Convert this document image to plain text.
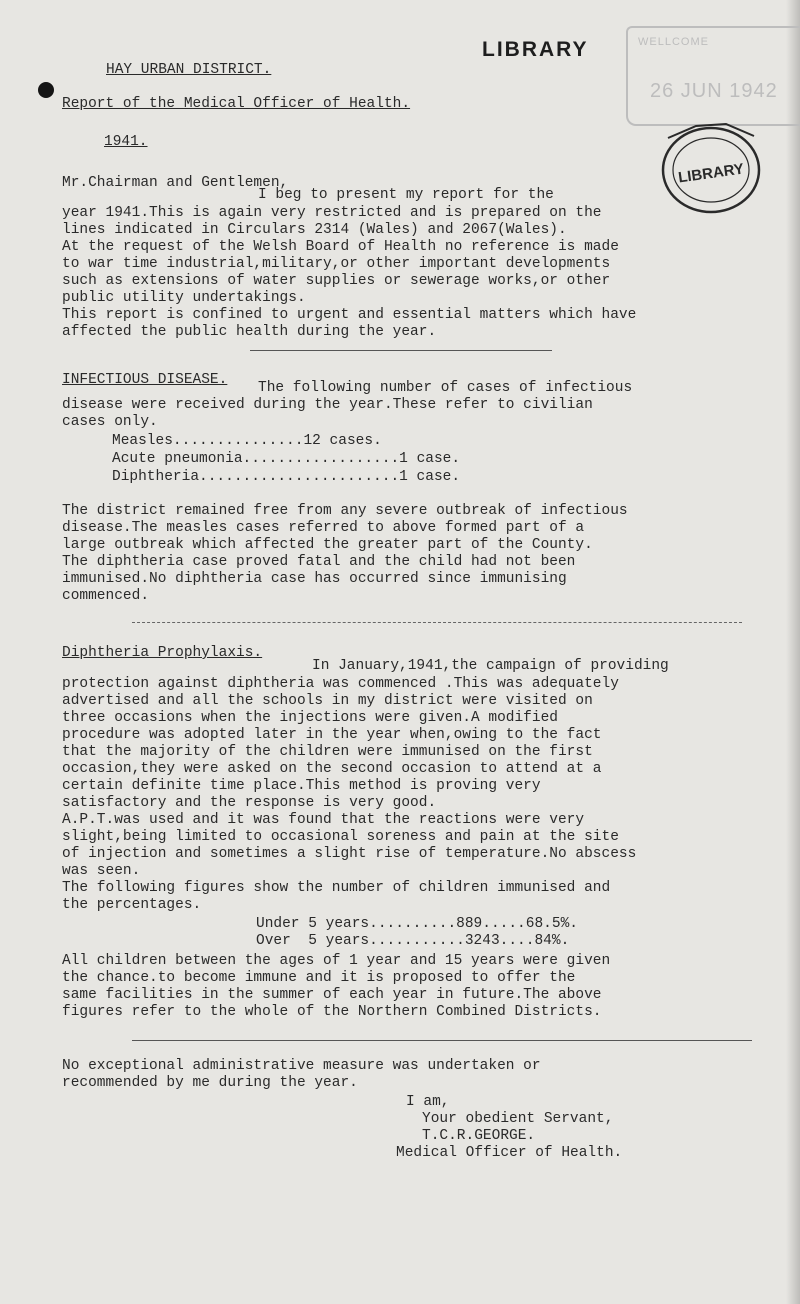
LIBRARY	WELLCOME
26 JUN 1942
LIBRARY
HAY URBAN DISTRICT.
Report of the Medical Officer of Health.
1941.
Mr.Chairman and Gentlemen,
I beg to present my report for the
year 1941.This is again very restricted and is prepared on the
lines indicated in Circulars 2314 (Wales) and 2067(Wales).
At the request of the Welsh Board of Health no reference is made
to war time industrial,military,or other important developments
such as extensions of water supplies or sewerage works,or other
public utility undertakings.
This report is confined to urgent and essential matters which have
affected the public health during the year.
INFECTIOUS DISEASE. The following number of cases of infectious
disease were received during the year.These refer to civilian
cases only.
Measles...............12 cases.
Acute pneumonia..................1 case.
Diphtheria.......................1 case.
The district remained free from any severe outbreak of infectious
disease.The measles cases referred to above formed part of a
large outbreak which affected the greater part of the County.
The diphtheria case proved fatal and the child had not been
immunised.No diphtheria case has occurred since immunising
commenced.
Diphtheria Prophylaxis.
In January,1941,the campaign of providing
protection against diphtheria was commenced .This was adequately
advertised and all the schools in my district were visited on
three occasions when the injections were given.A modified
procedure was adopted later in the year when,owing to the fact
that the majority of the children were immunised on the first
occasion,they were asked on the second occasion to attend at a
certain definite time place.This method is proving very
satisfactory and the response is very good.
A.P.T.was used and it was found that the reactions were very
slight,being limited to occasional soreness and pain at the site
of injection and sometimes a slight rise of temperature.No abscess
was seen.
The following figures show the number of children immunised and
the percentages.
Under 5 years..........889.....68.5%.
Over  5 years...........3243....84%.
All children between the ages of 1 year and 15 years were given
the chance.to become immune and it is proposed to offer the
same facilities in the summer of each year in future.The above
figures refer to the whole of the Northern Combined Districts.
No exceptional administrative measure was undertaken or
recommended by me during the year.
I am,
Your obedient Servant,
T.C.R.GEORGE.
Medical Officer of Health.
